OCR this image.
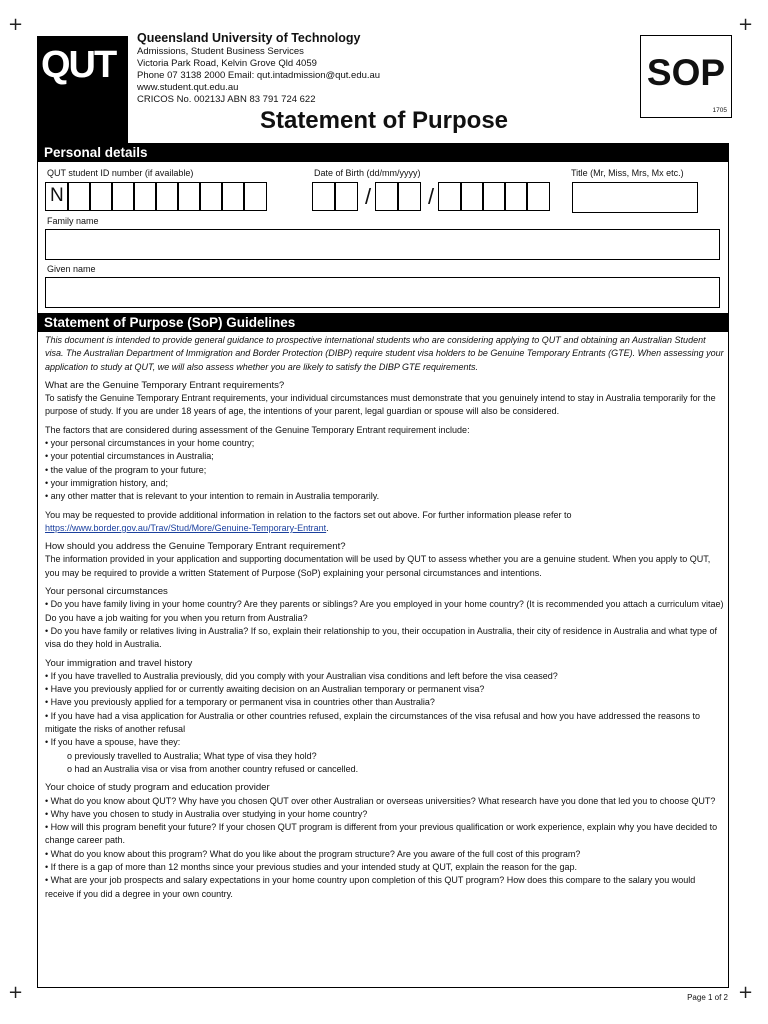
+	+
+	+
QUT
Queensland University of Technology
Admissions, Student Business Services
Victoria Park Road, Kelvin Grove Qld 4059
Phone 07 3138 2000 Email: qut.intadmission@qut.edu.au
www.student.qut.edu.au
CRICOS No. 00213J ABN 83 791 724 622
SOP
1705
Statement of Purpose
Personal details
QUT student ID number (if available)
N
Date of Birth (dd/mm/yyyy)
/	/
Title (Mr, Miss, Mrs, Mx etc.)
Family name
Given name
Statement of Purpose (SoP) Guidelines

This document is intended to provide general guidance to prospective international students who are considering applying to QUT and obtaining an Australian Student visa. The Australian Department of Immigration and Border Protection (DIBP) require student visa holders to be Genuine Temporary Entrants (GTE). When assessing your application to study at QUT, we will also assess whether you are likely to satisfy the DIBP GTE requirements.

What are the Genuine Temporary Entrant requirements?

To satisfy the Genuine Temporary Entrant requirements, your individual circumstances must demonstrate that you genuinely intend to stay in Australia temporarily for the purpose of study. If you are under 18 years of age, the intentions of your parent, legal guardian or spouse will also be considered.

The factors that are considered during assessment of the Genuine Temporary Entrant requirement include:

• your personal circumstances in your home country;

• your potential circumstances in Australia;

• the value of the program to your future;

• your immigration history, and;

• any other matter that is relevant to your intention to remain in Australia temporarily.

You may be requested to provide additional information in relation to the factors set out above. For further information please refer to https://www.border.gov.au/Trav/Stud/More/Genuine-Temporary-Entrant.

How should you address the Genuine Temporary Entrant requirement?

The information provided in your application and supporting documentation will be used by QUT to assess whether you are a genuine student. When you apply to QUT, you may be required to provide a written Statement of Purpose (SoP) explaining your personal circumstances and intentions.

Your personal circumstances

• Do you have family living in your home country? Are they parents or siblings? Are you employed in your home country? (It is recommended you attach a curriculum vitae) Do you have a job waiting for you when you return from Australia?

• Do you have family or relatives living in Australia? If so, explain their relationship to you, their occupation in Australia, their city of residence in Australia and what type of visa do they hold in Australia.

Your immigration and travel history

• If you have travelled to Australia previously, did you comply with your Australian visa conditions and left before the visa ceased?

• Have you previously applied for or currently awaiting decision on an Australian temporary or permanent visa?

• Have you previously applied for a temporary or permanent visa in countries other than Australia?

• If you have had a visa application for Australia or other countries refused, explain the circumstances of the visa refusal and how you have addressed the reasons to mitigate the risks of another refusal

• If you have a spouse, have they:

o previously travelled to Australia; What type of visa they hold?

o had an Australia visa or visa from another country refused or cancelled.

Your choice of study program and education provider

• What do you know about QUT? Why have you chosen QUT over other Australian or overseas universities? What research have you done that led you to choose QUT?

• Why have you chosen to study in Australia over studying in your home country?

• How will this program benefit your future? If your chosen QUT program is different from your previous qualification or work experience, explain why you have decided to change career path.

• What do you know about this program? What do you like about the program structure? Are you aware of the full cost of this program?

• If there is a gap of more than 12 months since your previous studies and your intended study at QUT, explain the reason for the gap.

• What are your job prospects and salary expectations in your home country upon completion of this QUT program? How does this compare to the salary you would receive if you did a degree in your own country.

Page 1 of 2
